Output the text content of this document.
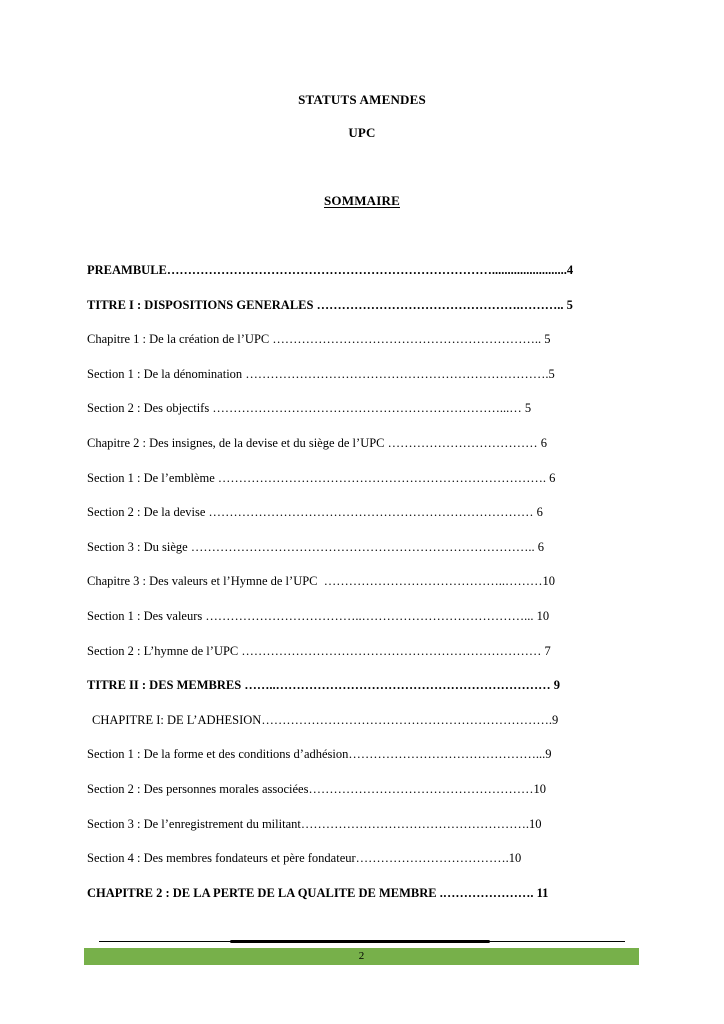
STATUTS AMENDES
UPC
SOMMAIRE
PREAMBULE……………………………………………………………………........................4
TITRE I : DISPOSITIONS GENERALES ………………………………………….……….. 5
Chapitre 1 : De la création de l’UPC ……………………………………………………….. 5
Section 1 : De la dénomination ……………………………………………………………….5
Section 2 : Des objectifs ……………………………………………………………...… 5
Chapitre 2 : Des insignes, de la devise et du siège de l’UPC ……………………………… 6
Section 1 : De l’emblème ……………………………………………………………………. 6
Section 2 : De la devise …………………………………………………………………… 6
Section 3 : Du siège ……………………………………………………………………….. 6
Chapitre 3 : Des valeurs et l’Hymne de l’UPC  ……………………………………..………10
Section 1 : Des valeurs ………………………………..…………………………………... 10
Section 2 : L’hymne de l’UPC ……………………………………………………………… 7
TITRE II : DES MEMBRES ……..………………………………………………………… 9
CHAPITRE I: DE L’ADHESION…………………………………………………………….9
Section 1 : De la forme et des conditions d’adhésion………………………………………...9
Section 2 : Des personnes morales associées………………………………………………10
Section 3 : De l’enregistrement du militant……………………………………………….10
Section 4 : Des membres fondateurs et père fondateur……………………………….10
CHAPITRE 2 : DE LA PERTE DE LA QUALITE DE MEMBRE .…………………. 11
2
